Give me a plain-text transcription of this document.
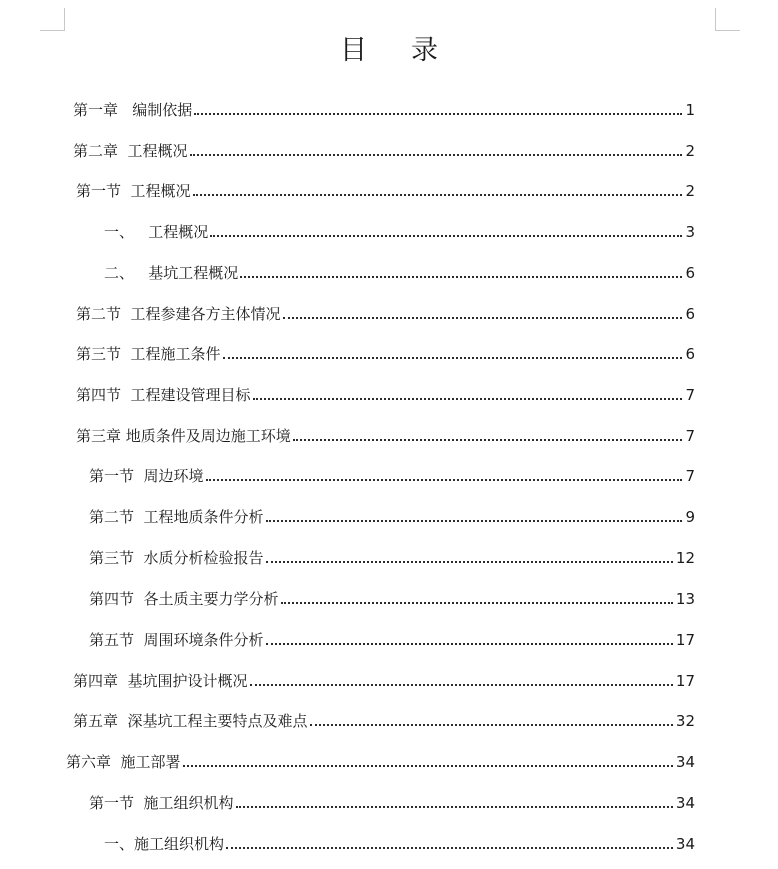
目 录
第一章   编制依据	1
第二章  工程概况	2
第一节  工程概况	2
一、   工程概况	3
二、   基坑工程概况	6
第二节  工程参建各方主体情况	6
第三节  工程施工条件	6
第四节  工程建设管理目标	7
第三章 地质条件及周边施工环境	7
第一节  周边环境	7
第二节  工程地质条件分析	9
第三节  水质分析检验报告	12
第四节  各土质主要力学分析	13
第五节  周围环境条件分析	17
第四章  基坑围护设计概况	17
第五章  深基坑工程主要特点及难点	32
第六章  施工部署	34
第一节  施工组织机构	34
一、施工组织机构	34
